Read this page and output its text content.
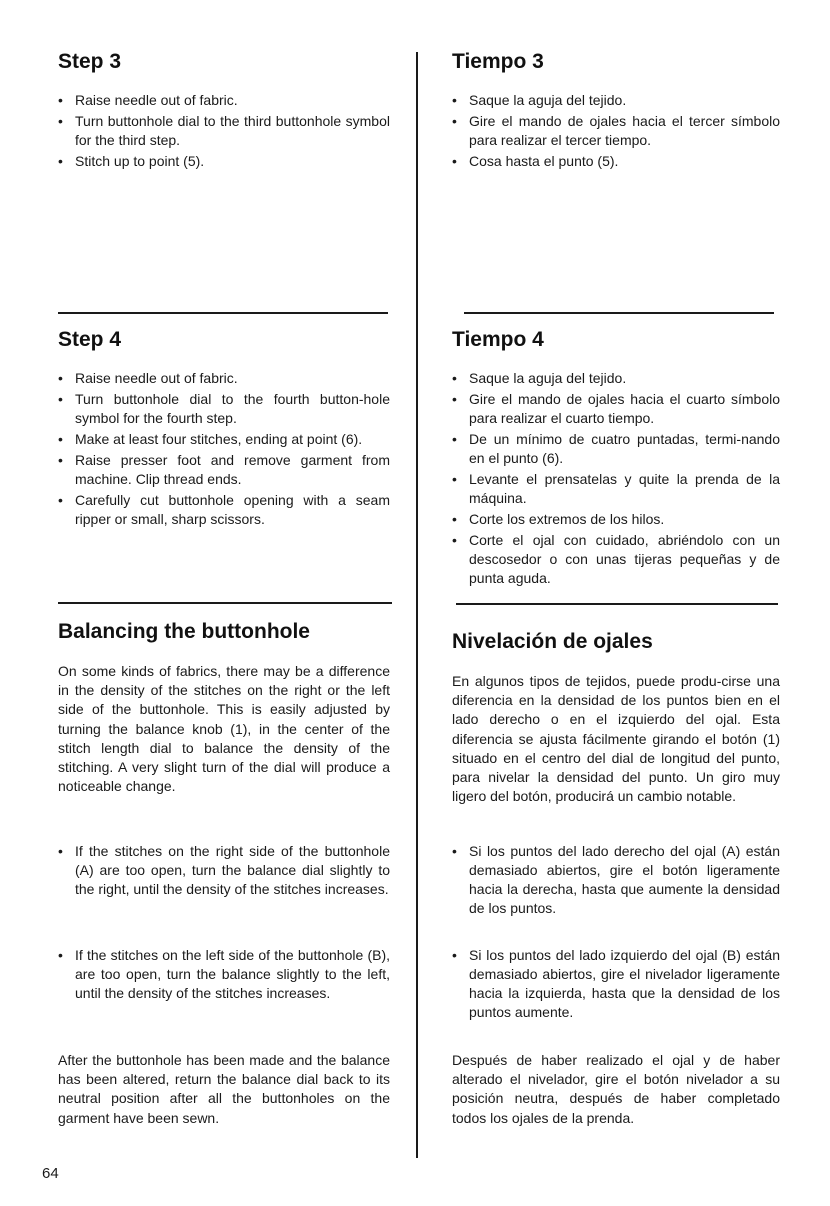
Step 3
• Raise needle out of fabric.
• Turn buttonhole dial to the third buttonhole symbol for the third step.
• Stitch up to point (5).
Step 4
• Raise needle out of fabric.
• Turn buttonhole dial to the fourth button-hole symbol for the fourth step.
• Make at least four stitches, ending at point (6).
• Raise presser foot and remove garment from machine. Clip thread ends.
• Carefully cut buttonhole opening with a seam ripper or small, sharp scissors.
Balancing the buttonhole

On some kinds of fabrics, there may be a difference in the density of the stitches on the right or the left side of the buttonhole. This is easily adjusted by turning the balance knob (1), in the center of the stitch length dial to balance the density of the stitching. A very slight turn of the dial will produce a noticeable change.

• If the stitches on the right side of the buttonhole (A) are too open, turn the balance dial slightly to the right, until the density of the stitches increases.
• If the stitches on the left side of the buttonhole (B), are too open, turn the balance slightly to the left, until the density of the stitches increases.

After the buttonhole has been made and the balance has been altered, return the balance dial back to its neutral position after all the buttonholes on the garment have been sewn.

Tiempo 3
• Saque la aguja del tejido.
• Gire el mando de ojales hacia el tercer símbolo para realizar el tercer tiempo.
• Cosa hasta el punto (5).
Tiempo 4
• Saque la aguja del tejido.
• Gire el mando de ojales hacia el cuarto símbolo para realizar el cuarto tiempo.
• De un mínimo de cuatro puntadas, termi-nando en el punto (6).
• Levante el prensatelas y quite la prenda de la máquina.
• Corte los extremos de los hilos.
• Corte el ojal con cuidado, abriéndolo con un descosedor o con unas tijeras pequeñas y de punta aguda.
Nivelación de ojales

En algunos tipos de tejidos, puede produ-cirse una diferencia en la densidad de los puntos bien en el lado derecho o en el izquierdo del ojal. Esta diferencia se ajusta fácilmente girando el botón (1) situado en el centro del dial de longitud del punto, para nivelar la densidad del punto. Un giro muy ligero del botón, producirá un cambio notable.

• Si los puntos del lado derecho del ojal (A) están demasiado abiertos, gire el botón ligeramente hacia la derecha, hasta que aumente la densidad de los puntos.
• Si los puntos del lado izquierdo del ojal (B) están demasiado abiertos, gire el nivelador ligeramente hacia la izquierda, hasta que la densidad de los puntos aumente.

Después de haber realizado el ojal y de haber alterado el nivelador, gire el botón nivelador a su posición neutra, después de haber completado todos los ojales de la prenda.

64
